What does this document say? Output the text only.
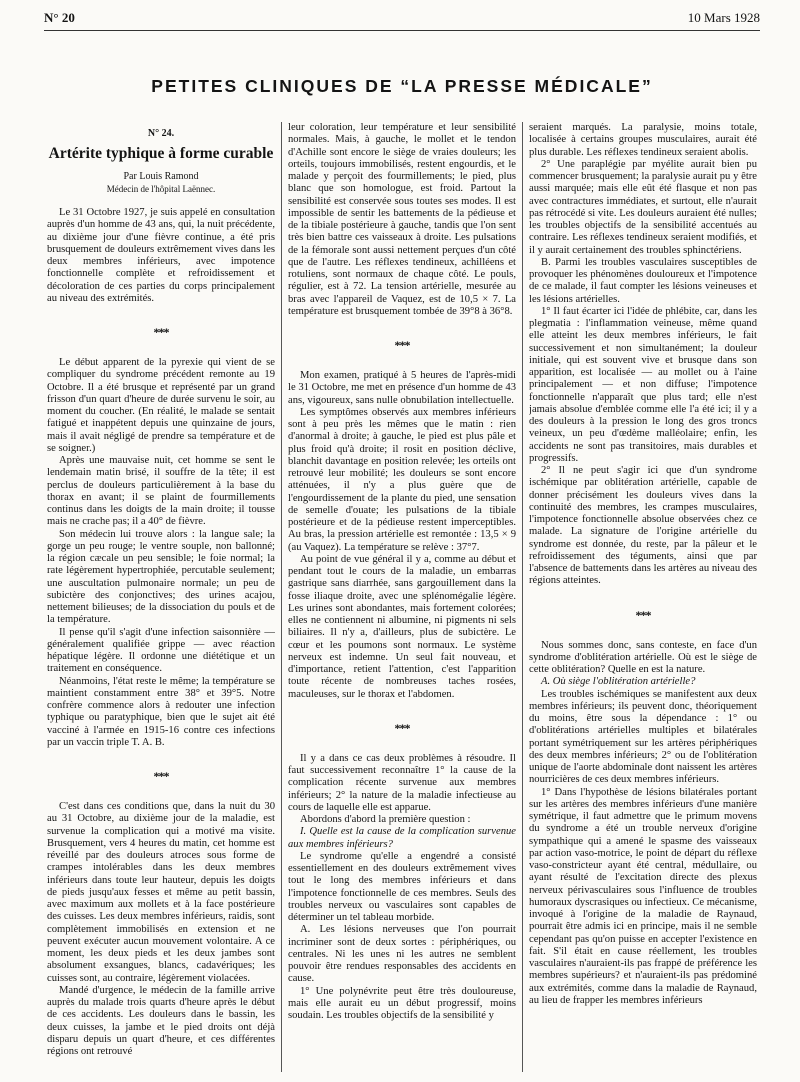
N° 20	10 Mars 1928
PETITES CLINIQUES DE “LA PRESSE MÉDICALE”
N° 24.
Artérite typhique à forme curable
Par Louis Ramond
Médecin de l'hôpital Laënnec.

Le 31 Octobre 1927, je suis appelé en consultation auprès d'un homme de 43 ans, qui, la nuit précédente, au dixième jour d'une fièvre continue, a été pris brusquement de douleurs extrêmement vives dans les deux membres inférieurs, avec impotence fonctionnelle complète et refroidissement et décoloration de ces parties du corps principalement au niveau des extrémités.

***

Le début apparent de la pyrexie qui vient de se compliquer du syndrome précédent remonte au 19 Octobre. Il a été brusque et représenté par un grand frisson d'un quart d'heure de durée survenu le soir, au moment du coucher. (En réalité, le malade se sentait fatigué et inappétent depuis une quinzaine de jours, mais il avait négligé de prendre sa température et de se soigner.)

Après une mauvaise nuit, cet homme se sent le lendemain matin brisé, il souffre de la tête; il est perclus de douleurs particulièrement à la base du thorax en avant; il se plaint de fourmillements continus dans les doigts de la main droite; il tousse mais ne crache pas; il a 40° de fièvre.

Son médecin lui trouve alors : la langue sale; la gorge un peu rouge; le ventre souple, non ballonné; la région cæcale un peu sensible; le foie normal; la rate légèrement hypertrophiée, percutable seulement; une auscultation pulmonaire normale; un peu de subictère des conjonctives; des urines acajou, nettement bilieuses; de la dissociation du pouls et de la température.

Il pense qu'il s'agit d'une infection saisonnière — généralement qualifiée grippe — avec réaction hépatique légère. Il ordonne une diététique et un traitement en conséquence.

Néanmoins, l'état reste le même; la température se maintient constamment entre 38° et 39°5. Notre confrère commence alors à redouter une infection typhique ou paratyphique, bien que le sujet ait été vacciné à l'armée en 1915-16 contre ces infections par un vaccin triple T. A. B.

***

C'est dans ces conditions que, dans la nuit du 30 au 31 Octobre, au dixième jour de la maladie, est survenue la complication qui a motivé ma visite. Brusquement, vers 4 heures du matin, cet homme est réveillé par des douleurs atroces sous forme de crampes intolérables dans les deux membres inférieurs dans toute leur hauteur, depuis les doigts de pieds jusqu'aux fesses et même au petit bassin, avec maximum aux mollets et à la face postérieure des cuisses. Les deux membres inférieurs, raidis, sont complètement immobilisés en extension et ne peuvent exécuter aucun mouvement volontaire. A ce moment, les deux pieds et les deux jambes sont absolument exsangues, blancs, cadavériques; les cuisses sont, au contraire, légèrement violacées.

Mandé d'urgence, le médecin de la famille arrive auprès du malade trois quarts d'heure après le début de ces accidents. Les douleurs dans le bassin, les deux cuisses, la jambe et le pied droits ont déjà disparu depuis un quart d'heure, et ces différentes régions ont retrouvé

leur coloration, leur température et leur sensibilité normales. Mais, à gauche, le mollet et le tendon d'Achille sont encore le siège de vraies douleurs; les orteils, toujours immobilisés, restent engourdis, et le malade y perçoit des fourmillements; le pied, plus blanc que son homologue, est froid. Partout la sensibilité est conservée sous toutes ses modes. Il est impossible de sentir les battements de la pédieuse et de la tibiale postérieure à gauche, tandis que l'on sent très bien battre ces vaisseaux à droite. Les pulsations de la fémorale sont aussi nettement perçues d'un côté que de l'autre. Les réflexes tendineux, achilléens et rotuliens, sont normaux de chaque côté. Le pouls, régulier, est à 72. La tension artérielle, mesurée au bras avec l'appareil de Vaquez, est de 10,5 × 7. La température est brusquement tombée de 39°8 à 36°8.

***

Mon examen, pratiqué à 5 heures de l'après-midi le 31 Octobre, me met en présence d'un homme de 43 ans, vigoureux, sans nulle obnubilation intellectuelle.

Les symptômes observés aux membres inférieurs sont à peu près les mêmes que le matin : rien d'anormal à droite; à gauche, le pied est plus pâle et plus froid qu'à droite; il rosit en position déclive, blanchit davantage en position relevée; les orteils ont retrouvé leur mobilité; les douleurs se sont encore atténuées, il n'y a plus guère que de l'engourdissement de la plante du pied, une sensation de semelle d'ouate; les pulsations de la tibiale postérieure et de la pédieuse restent imperceptibles. Au bras, la pression artérielle est remontée : 13,5 × 9 (au Vaquez). La température se relève : 37°7.

Au point de vue général il y a, comme au début et pendant tout le cours de la maladie, un embarras gastrique sans diarrhée, sans gargouillement dans la fosse iliaque droite, avec une splénomégalie légère. Les urines sont abondantes, mais fortement colorées; elles ne contiennent ni albumine, ni pigments ni sels biliaires. Il n'y a, d'ailleurs, plus de subictère. Le cœur et les poumons sont normaux. Le système nerveux est indemne. Un seul fait nouveau, et d'importance, retient l'attention, c'est l'apparition toute récente de nombreuses taches rosées, maculeuses, sur le thorax et l'abdomen.

***

Il y a dans ce cas deux problèmes à résoudre. Il faut successivement reconnaître 1° la cause de la complication récente survenue aux membres inférieurs; 2° la nature de la maladie infectieuse au cours de laquelle elle est apparue.

Abordons d'abord la première question :

I. Quelle est la cause de la complication survenue aux membres inférieurs?

Le syndrome qu'elle a engendré a consisté essentiellement en des douleurs extrêmement vives tout le long des membres inférieurs et dans l'impotence fonctionnelle de ces membres. Seuls des troubles nerveux ou vasculaires sont capables de déterminer un tel tableau morbide.

A. Les lésions nerveuses que l'on pourrait incriminer sont de deux sortes : périphériques, ou centrales. Ni les unes ni les autres ne semblent pouvoir être rendues responsables des accidents en cause.

1° Une polynévrite peut être très douloureuse, mais elle aurait eu un début progressif, moins soudain. Les troubles objectifs de la sensibilité y

seraient marqués. La paralysie, moins totale, localisée à certains groupes musculaires, aurait été plus durable. Les réflexes tendineux seraient abolis.

2° Une paraplégie par myélite aurait bien pu commencer brusquement; la paralysie aurait pu y être aussi marquée; mais elle eût été flasque et non pas avec contractures immédiates, et surtout, elle n'aurait pas rétrocédé si vite. Les douleurs auraient été nulles; les troubles objectifs de la sensibilité accentués au contraire. Les réflexes tendineux seraient modifiés, et il y aurait certainement des troubles sphinctériens.

B. Parmi les troubles vasculaires susceptibles de provoquer les phénomènes douloureux et l'impotence de ce malade, il faut compter les lésions veineuses et les lésions artérielles.

1° Il faut écarter ici l'idée de phlébite, car, dans les plegmatia : l'inflammation veineuse, même quand elle atteint les deux membres inférieurs, le fait successivement et non simultanément; la douleur initiale, qui est souvent vive et brusque dans son apparition, est localisée — au mollet ou à l'aine principalement — et non diffuse; l'impotence fonctionnelle n'apparaît que plus tard; elle n'est jamais absolue d'emblée comme elle l'a été ici; il y a des douleurs à la pression le long des gros troncs veineux, un peu d'œdème malléolaire; enfin, les accidents ne sont pas transitoires, mais durables et progressifs.

2° Il ne peut s'agir ici que d'un syndrome ischémique par oblitération artérielle, capable de donner précisément les douleurs vives dans la continuité des membres, les crampes musculaires, l'impotence fonctionnelle absolue observées chez ce malade. La signature de l'origine artérielle du syndrome est donnée, du reste, par la pâleur et le refroidissement des téguments, ainsi que par l'absence de battements dans les artères au niveau des régions atteintes.

***

Nous sommes donc, sans conteste, en face d'un syndrome d'oblitération artérielle. Où est le siège de cette oblitération? Quelle en est la nature.

A. Où siège l'oblitération artérielle?

Les troubles ischémiques se manifestent aux deux membres inférieurs; ils peuvent donc, théoriquement du moins, être sous la dépendance : 1° ou d'oblitérations artérielles multiples et bilatérales portant symétriquement sur les artères périphériques des deux membres inférieurs; 2° ou de l'oblitération unique de l'aorte abdominale dont naissent les artères nourricières de ces deux membres inférieurs.

1° Dans l'hypothèse de lésions bilatérales portant sur les artères des membres inférieurs d'une manière symétrique, il faut admettre que le primum movens du syndrome a été un trouble nerveux d'origine sympathique qui a amené le spasme des vaisseaux par action vaso-motrice, le point de départ du réflexe vaso-constricteur ayant été central, médullaire, ou ayant résulté de l'excitation directe des plexus nerveux périvasculaires sous l'influence de troubles humoraux dyscrasiques ou infectieux. Ce mécanisme, invoqué à l'origine de la maladie de Raynaud, pourrait être admis ici en principe, mais il ne semble cependant pas qu'on puisse en accepter l'existence en fait. S'il était en cause réellement, les troubles vasculaires n'auraient-ils pas frappé de préférence les membres supérieurs? et n'auraient-ils pas prédominé aux extrémités, comme dans la maladie de Raynaud, au lieu de frapper les membres inférieurs
